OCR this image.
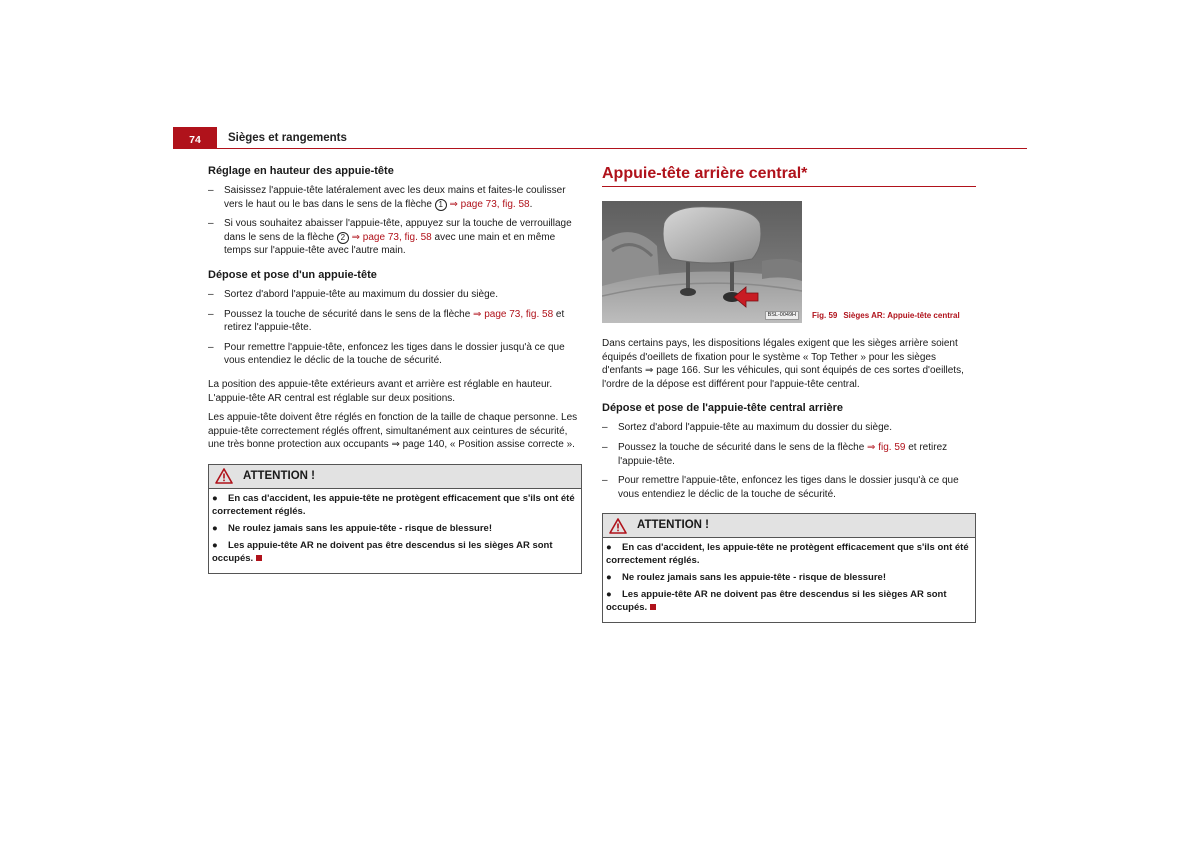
74	Sièges et rangements
Réglage en hauteur des appuie-tête
– Saisissez l'appuie-tête latéralement avec les deux mains et faites-le coulisser vers le haut ou le bas dans le sens de la flèche 1 ⇒ page 73, fig. 58.
– Si vous souhaitez abaisser l'appuie-tête, appuyez sur la touche de verrouillage dans le sens de la flèche 2 ⇒ page 73, fig. 58 avec une main et en même temps sur l'appuie-tête avec l'autre main.
Dépose et pose d'un appuie-tête
– Sortez d'abord l'appuie-tête au maximum du dossier du siège.
– Poussez la touche de sécurité dans le sens de la flèche ⇒ page 73, fig. 58 et retirez l'appuie-tête.
– Pour remettre l'appuie-tête, enfoncez les tiges dans le dossier jusqu'à ce que vous entendiez le déclic de la touche de sécurité.

La position des appuie-tête extérieurs avant et arrière est réglable en hauteur. L'appuie-tête AR central est réglable sur deux positions.

Les appuie-tête doivent être réglés en fonction de la taille de chaque personne. Les appuie-tête correctement réglés offrent, simultanément aux ceintures de sécurité, une très bonne protection aux occupants ⇒ page 140, « Position assise correcte ».

ATTENTION !
● En cas d'accident, les appuie-tête ne protègent efficacement que s'ils ont été correctement réglés.
● Ne roulez jamais sans les appuie-tête - risque de blessure!
● Les appuie-tête AR ne doivent pas être descendus si les sièges AR sont occupés.
Appuie-tête arrière central*
BSL-0049H	Fig. 59 Sièges AR: Appuie-tête central

Dans certains pays, les dispositions légales exigent que les sièges arrière soient équipés d'oeillets de fixation pour le système « Top Tether » pour les sièges d'enfants ⇒ page 166. Sur les véhicules, qui sont équipés de ces sortes d'oeillets, l'ordre de la dépose est différent pour l'appuie-tête central.

Dépose et pose de l'appuie-tête central arrière
– Sortez d'abord l'appuie-tête au maximum du dossier du siège.
– Poussez la touche de sécurité dans le sens de la flèche ⇒ fig. 59 et retirez l'appuie-tête.
– Pour remettre l'appuie-tête, enfoncez les tiges dans le dossier jusqu'à ce que vous entendiez le déclic de la touche de sécurité.
ATTENTION !
● En cas d'accident, les appuie-tête ne protègent efficacement que s'ils ont été correctement réglés.
● Ne roulez jamais sans les appuie-tête - risque de blessure!
● Les appuie-tête AR ne doivent pas être descendus si les sièges AR sont occupés.
